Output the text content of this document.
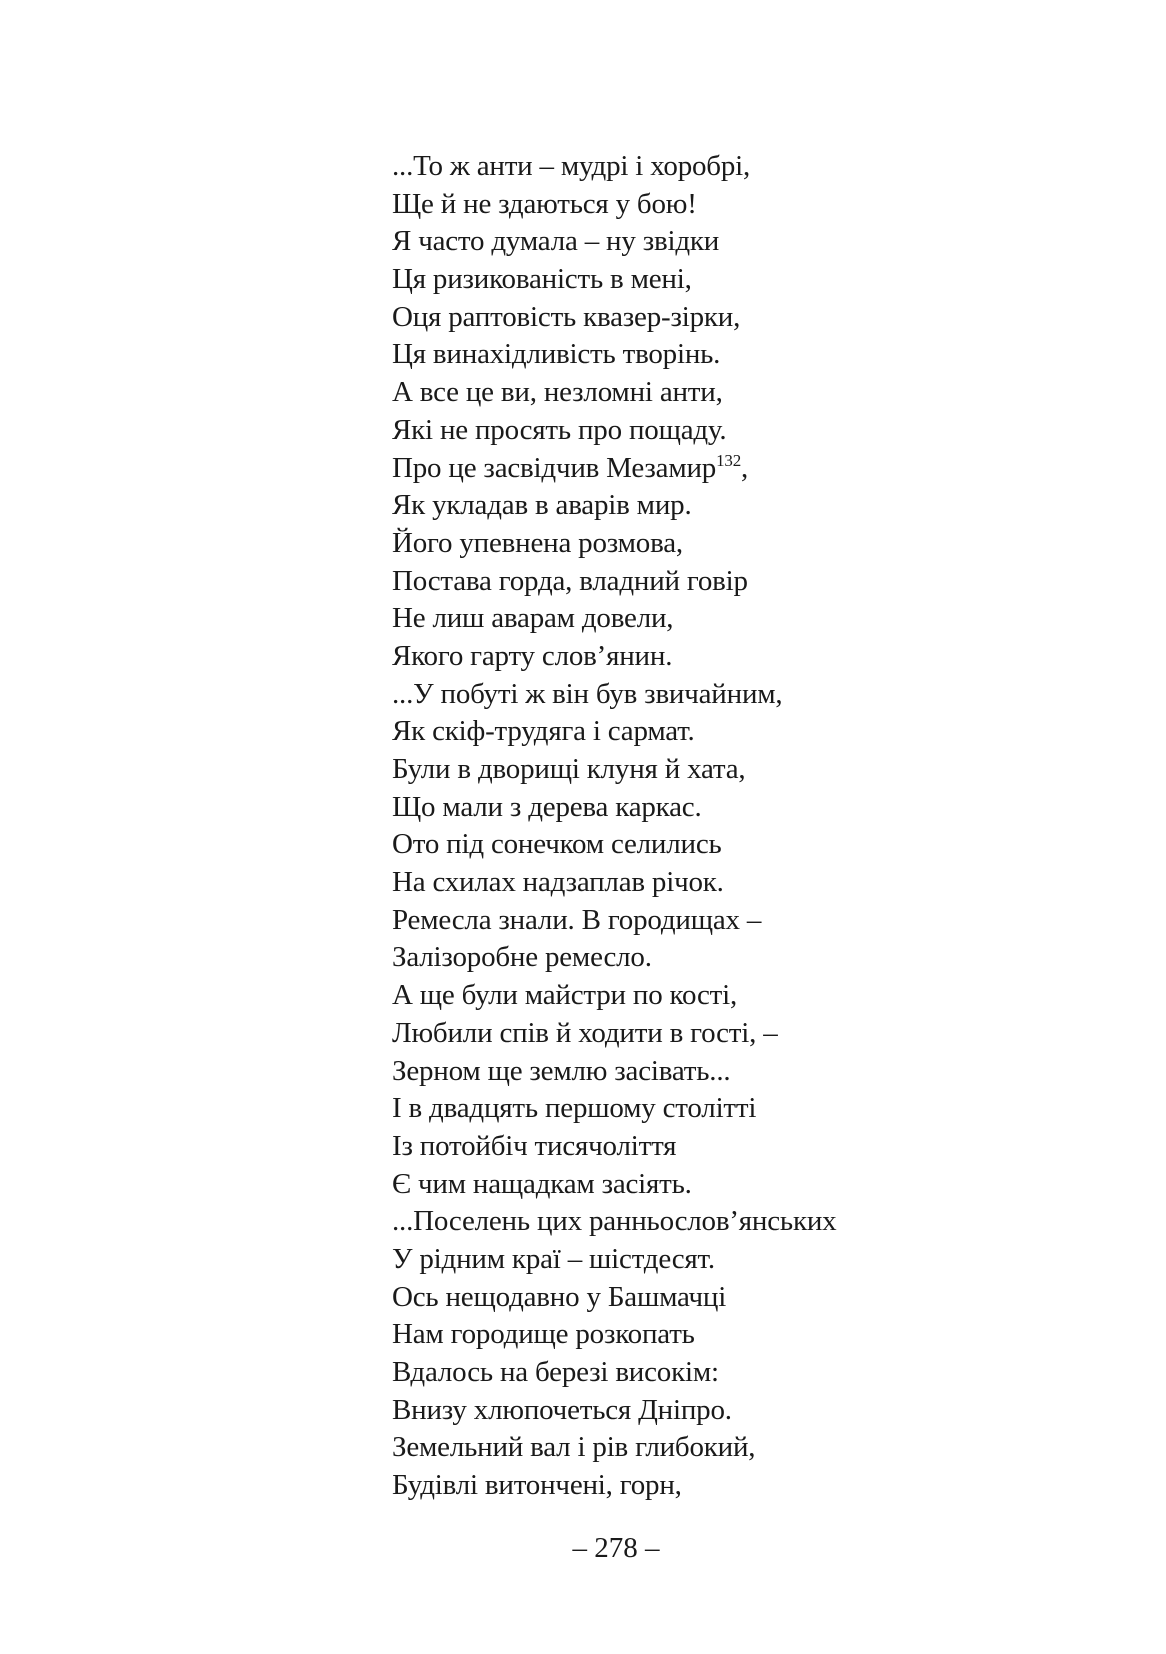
...То ж анти – мудрі і хоробрі,
Ще й не здаються у бою!
Я часто думала – ну звідки
Ця ризикованість в мені,
Оця раптовість квазер-зірки,
Ця винахідливість творінь.
А все це ви, незломні анти,
Які не просять про пощаду.
Про це засвідчив Мезамир$^{132}$,
Як укладав в аварів мир.
Його упевнена розмова,
Постава горда, владний говір
Не лиш аварам довели,
Якого гарту слов’янин.
...У побуті ж він був звичайним,
Як скіф-трудяга і сармат.
Були в дворищі клуня й хата,
Що мали з дерева каркас.
Ото під сонечком селились
На схилах надзаплав річок.
Ремесла знали. В городищах –
Залізоробне ремесло.
А ще були майстри по кості,
Любили спів й ходити в гості, –
Зерном ще землю засівать...
І в двадцять першому столітті
Із потойбіч тисячоліття
Є чим нащадкам засіять.
...Поселень цих ранньослов’янських
У рідним краї – шістдесят.
Ось нещодавно у Башмачці
Нам городище розкопать
Вдалось на березі високім:
Внизу хлюпочеться Дніпро.
Земельний вал і рів глибокий,
Будівлі витончені, горн,
– 278 –
